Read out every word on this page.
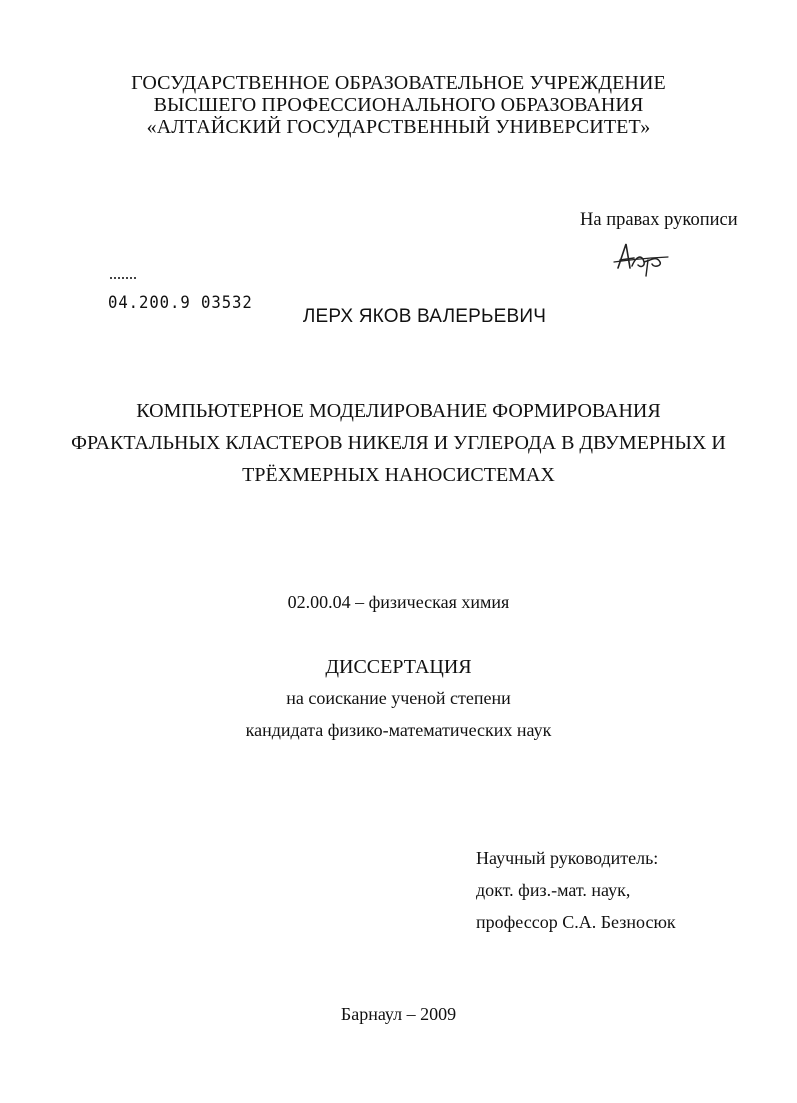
ГОСУДАРСТВЕННОЕ ОБРАЗОВАТЕЛЬНОЕ УЧРЕЖДЕНИЕ
ВЫСШЕГО ПРОФЕССИОНАЛЬНОГО ОБРАЗОВАНИЯ
«АЛТАЙСКИЙ ГОСУДАРСТВЕННЫЙ УНИВЕРСИТЕТ»
На правах рукописи
04.200.9 03532
ЛЕРХ ЯКОВ ВАЛЕРЬЕВИЧ
КОМПЬЮТЕРНОЕ МОДЕЛИРОВАНИЕ ФОРМИРОВАНИЯ
ФРАКТАЛЬНЫХ КЛАСТЕРОВ НИКЕЛЯ И УГЛЕРОДА В ДВУМЕРНЫХ И
ТРЁХМЕРНЫХ НАНОСИСТЕМАХ
02.00.04 – физическая химия
ДИССЕРТАЦИЯ
на соискание ученой степени
кандидата физико-математических наук
Научный руководитель:
докт. физ.-мат. наук,
профессор С.А. Безносюк
Барнаул – 2009
